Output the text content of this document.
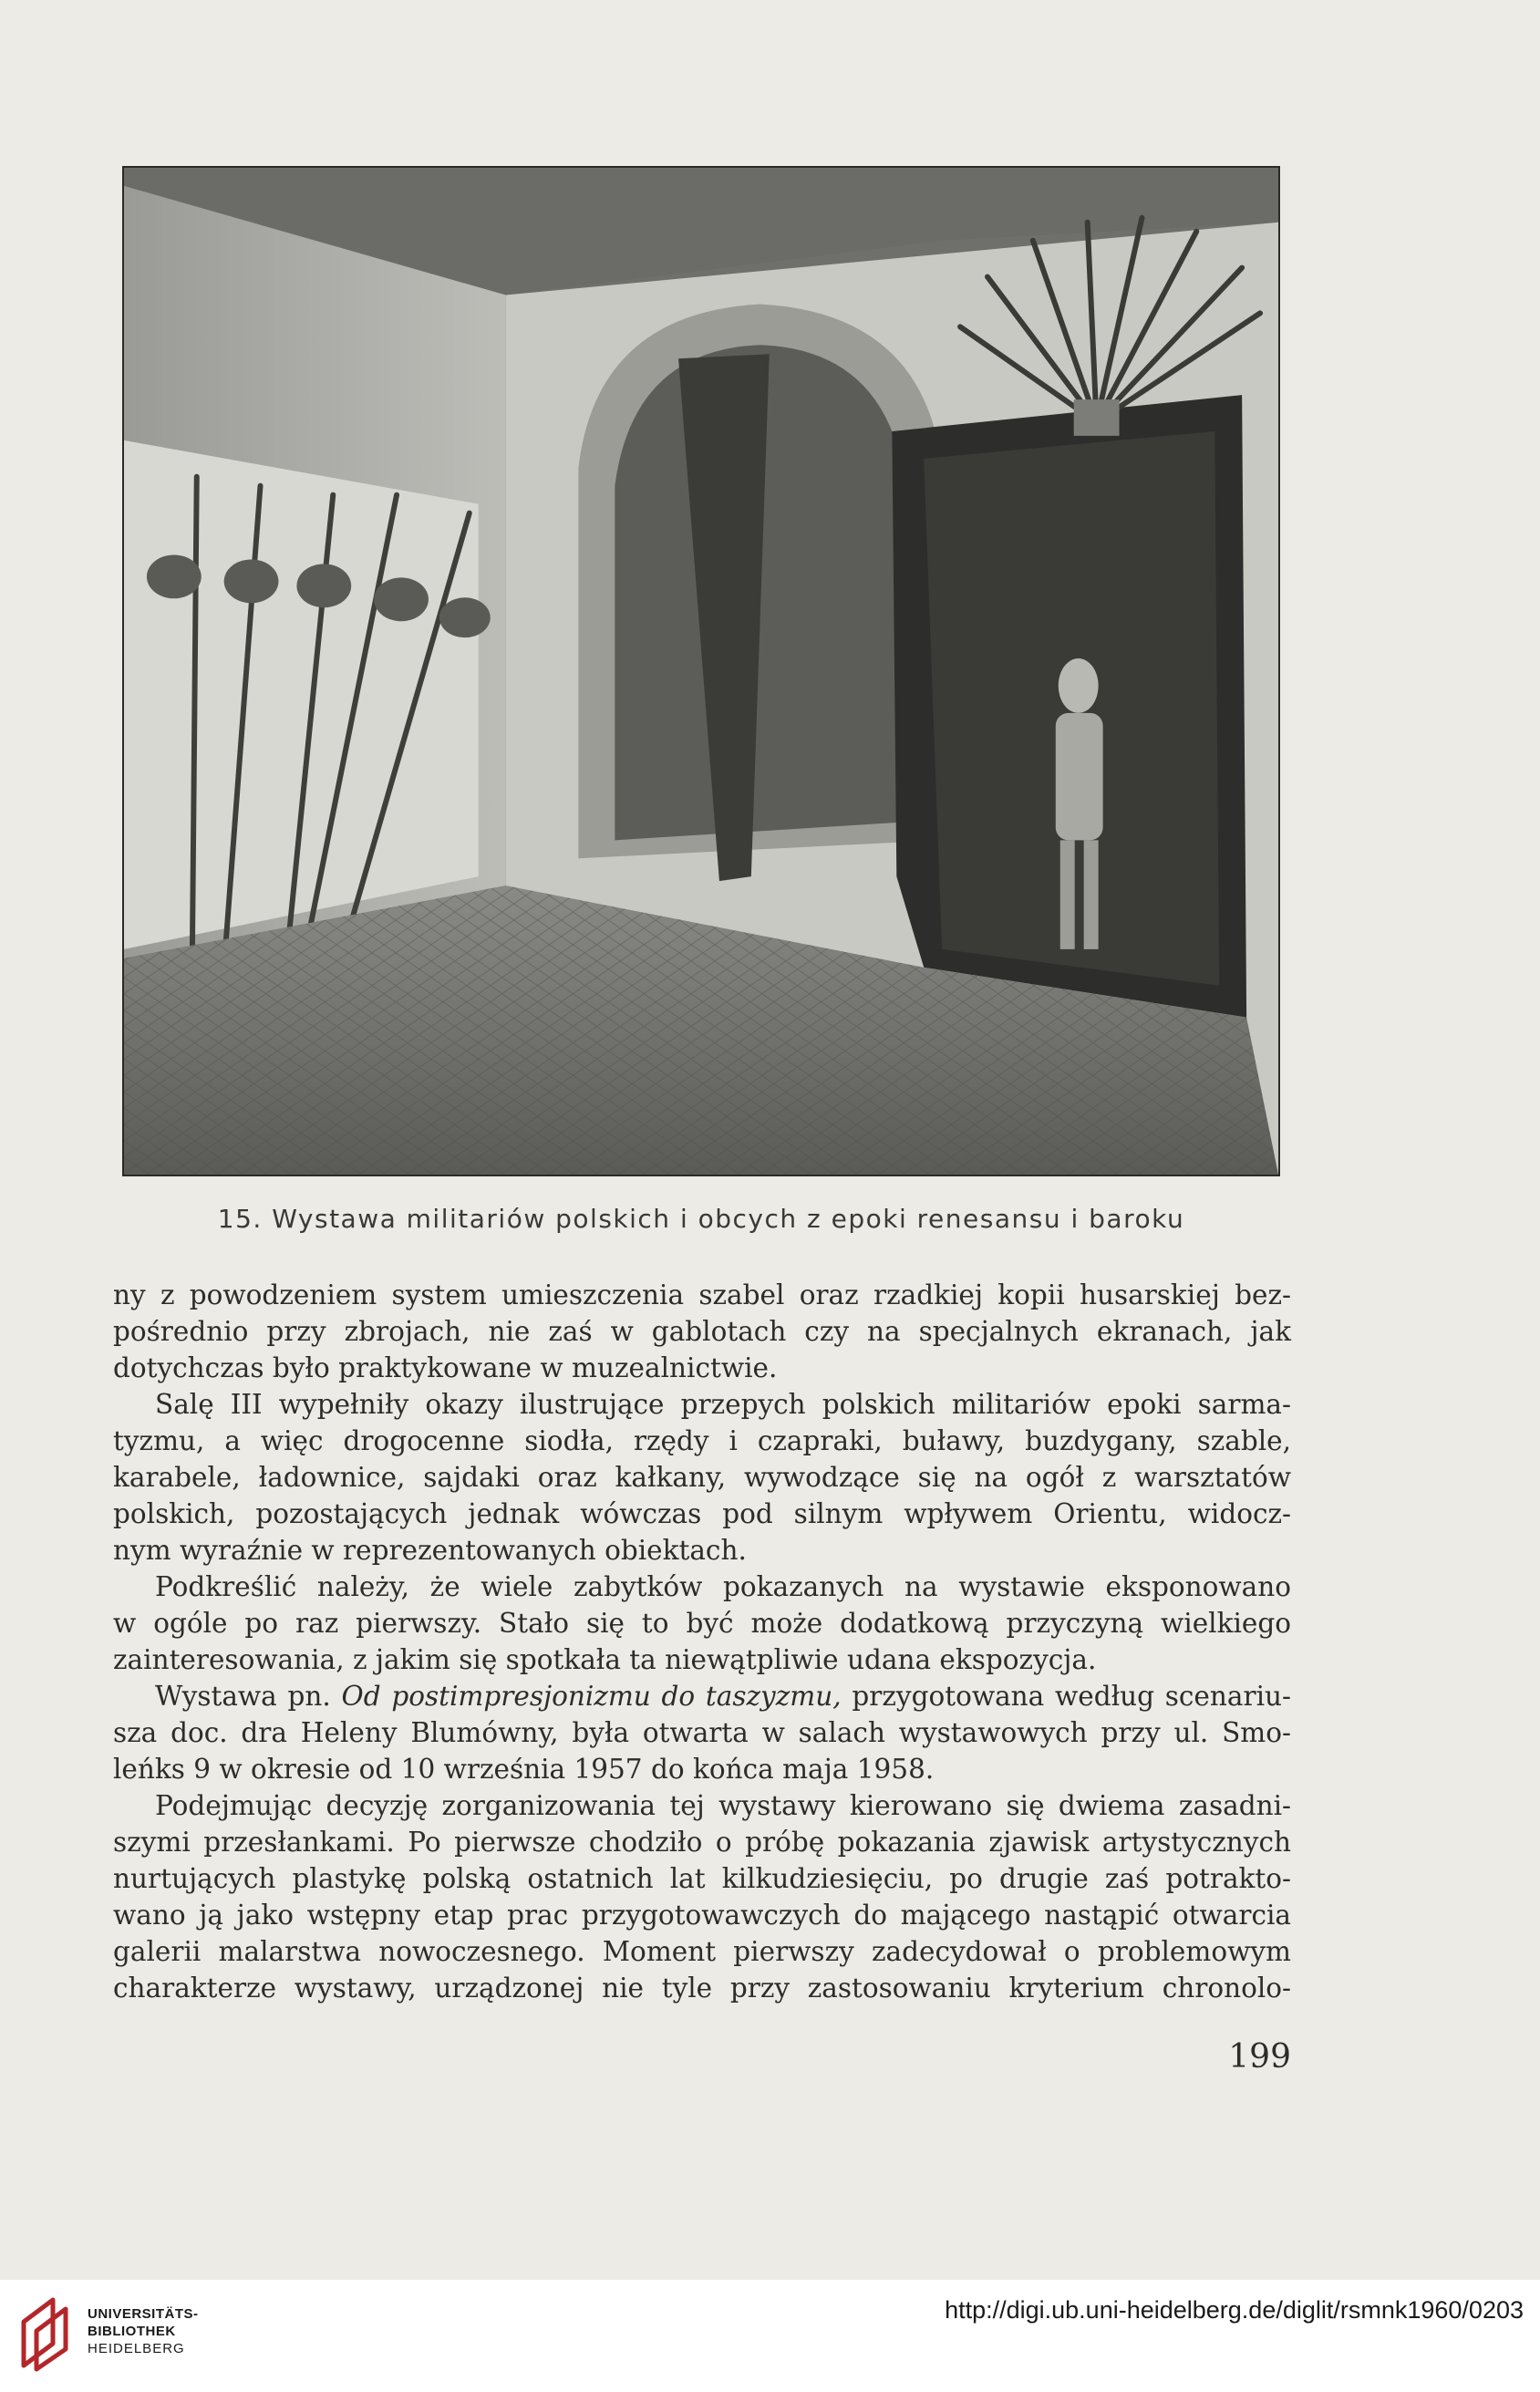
15. Wystawa militariów polskich i obcych z epoki renesansu i baroku
ny z powodzeniem system umieszczenia szabel oraz rzadkiej kopii husarskiej bez-
pośrednio przy zbrojach, nie zaś w gablotach czy na specjalnych ekranach, jak
dotychczas było praktykowane w muzealnictwie.
Salę III wypełniły okazy ilustrujące przepych polskich militariów epoki sarma-
tyzmu, a więc drogocenne siodła, rzędy i czapraki, buławy, buzdygany, szable,
karabele, ładownice, sajdaki oraz kałkany, wywodzące się na ogół z warsztatów
polskich, pozostających jednak wówczas pod silnym wpływem Orientu, widocz-
nym wyraźnie w reprezentowanych obiektach.
Podkreślić należy, że wiele zabytków pokazanych na wystawie eksponowano
w ogóle po raz pierwszy. Stało się to być może dodatkową przyczyną wielkiego
zainteresowania, z jakim się spotkała ta niewątpliwie udana ekspozycja.
Wystawa pn. Od postimpresjonizmu do taszyzmu, przygotowana według scenariu-
sza doc. dra Heleny Blumówny, była otwarta w salach wystawowych przy ul. Smo-
leńks 9 w okresie od 10 września 1957 do końca maja 1958.
Podejmując decyzję zorganizowania tej wystawy kierowano się dwiema zasadni-
szymi przesłankami. Po pierwsze chodziło o próbę pokazania zjawisk artystycznych
nurtujących plastykę polską ostatnich lat kilkudziesięciu, po drugie zaś potrakto-
wano ją jako wstępny etap prac przygotowawczych do mającego nastąpić otwarcia
galerii malarstwa nowoczesnego. Moment pierwszy zadecydował o problemowym
charakterze wystawy, urządzonej nie tyle przy zastosowaniu kryterium chronolo-
199
UNIVERSITÄTS-
BIBLIOTHEK
HEIDELBERG
http://digi.ub.uni-heidelberg.de/diglit/rsmnk1960/0203
